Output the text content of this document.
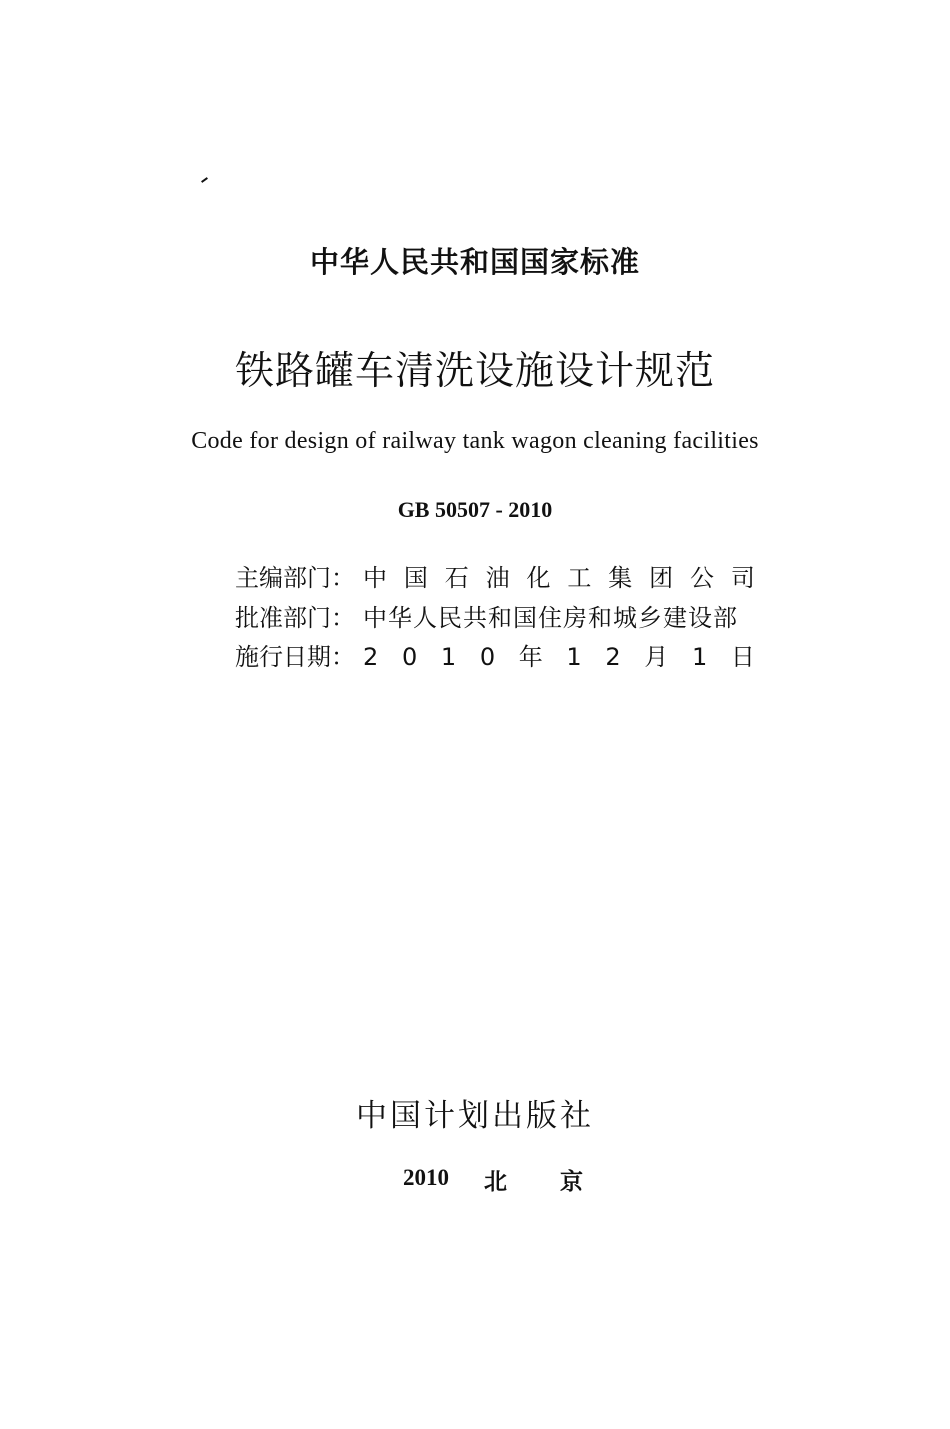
中华人民共和国国家标准
铁路罐车清洗设施设计规范
Code for design of railway tank wagon cleaning facilities
GB 50507 - 2010
主编部门： 中 国 石 油 化 工 集 团 公 司
批准部门： 中华人民共和国住房和城乡建设部
施行日期： 2 0 1 0 年 1 2 月 1 日
中国计划出版社
2010 北 京
